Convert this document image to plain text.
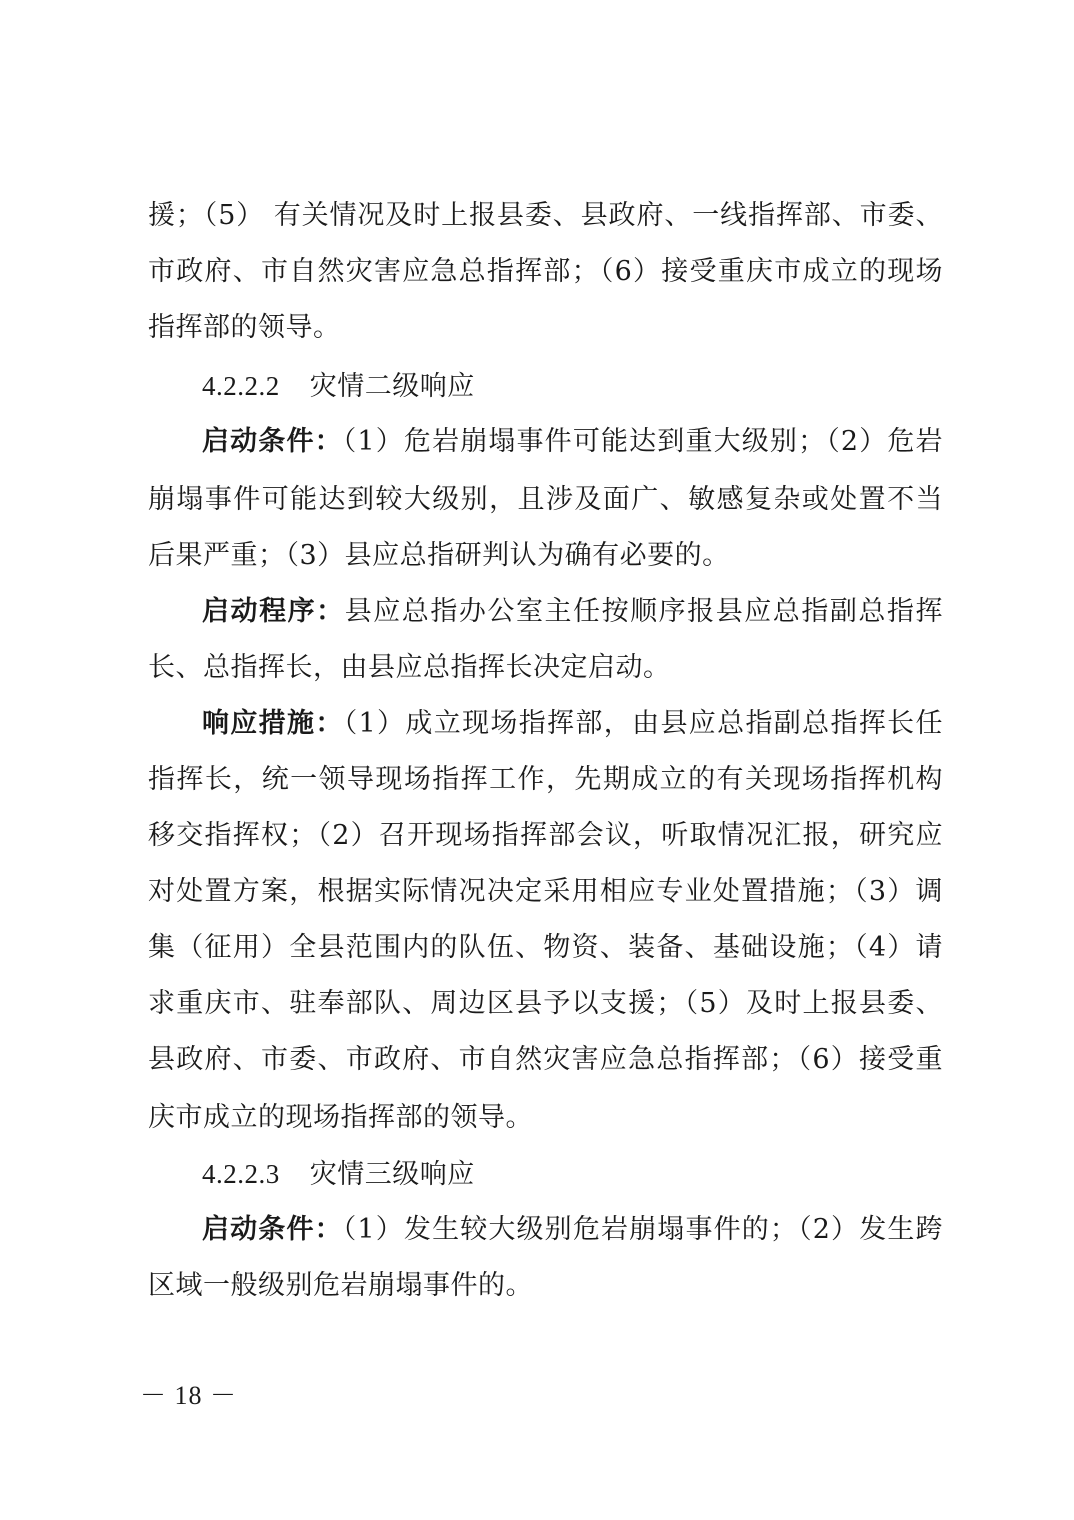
援；（5） 有关情况及时上报县委、县政府、一线指挥部、市委、
市政府、市自然灾害应急总指挥部；（6）接受重庆市成立的现场
指挥部的领导。
4.2.2.2 灾情二级响应
启动条件：（1）危岩崩塌事件可能达到重大级别；（2）危岩
崩塌事件可能达到较大级别，且涉及面广、敏感复杂或处置不当
后果严重；（3）县应总指研判认为确有必要的。
启动程序：县应总指办公室主任按顺序报县应总指副总指挥
长、总指挥长，由县应总指挥长决定启动。
响应措施：（1）成立现场指挥部，由县应总指副总指挥长任
指挥长，统一领导现场指挥工作，先期成立的有关现场指挥机构
移交指挥权；（2）召开现场指挥部会议，听取情况汇报，研究应
对处置方案，根据实际情况决定采用相应专业处置措施；（3）调
集（征用）全县范围内的队伍、物资、装备、基础设施；（4）请
求重庆市、驻奉部队、周边区县予以支援；（5）及时上报县委、
县政府、市委、市政府、市自然灾害应急总指挥部；（6）接受重
庆市成立的现场指挥部的领导。
4.2.2.3 灾情三级响应
启动条件：（1）发生较大级别危岩崩塌事件的；（2）发生跨
区域一般级别危岩崩塌事件的。
－ 18 －
